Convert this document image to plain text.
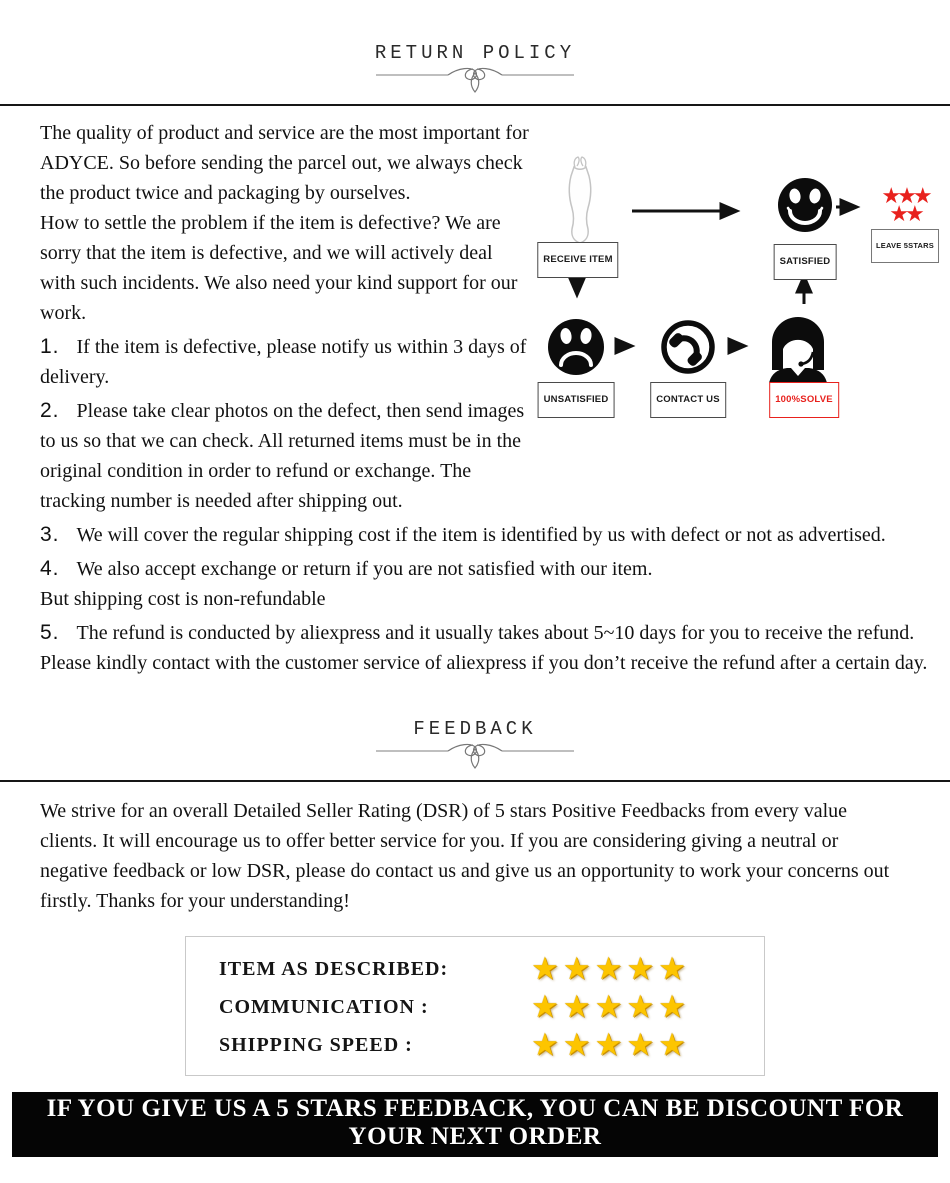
RETURN POLICY
★★★
★★
RECEIVE ITEM	SATISFIED
LEAVE 5STARS
UNSATISFIED	CONTACT US	100%SOLVE

The quality of product and service are the most important for ADYCE. So before sending the parcel out, we always check the product twice and packaging by ourselves.

How to settle the problem if the item is defective? We are sorry that the item is defective, and we will actively deal with such incidents. We also need your kind support for our work.

1. If the item is defective, please notify us within 3 days of delivery.

2. Please take clear photos on the defect, then send images to us so that we can check. All returned items must be in the original condition in order to refund or exchange. The tracking number is needed after shipping out.

3. We will cover the regular shipping cost if the item is identified by us with defect or not as advertised.

4. We also accept exchange or return if you are not satisfied with our item.
But shipping cost is non-refundable

5. The refund is conducted by aliexpress and it usually takes about 5~10 days for you to receive the refund. Please kindly contact with the customer service of aliexpress if you don’t receive the refund after a certain day.

FEEDBACK

We strive for an overall Detailed Seller Rating (DSR) of 5 stars Positive Feedbacks from every value clients. It will encourage us to offer better service for you. If you are considering giving a neutral or negative feedback or low DSR, please do contact us and give us an opportunity to work your concerns out firstly. Thanks for your understanding!

ITEM AS DESCRIBED:	★★★★★
COMMUNICATION :	★★★★★
SHIPPING SPEED :	★★★★★
IF YOU GIVE US A 5 STARS FEEDBACK, YOU CAN BE DISCOUNT FOR YOUR NEXT ORDER
